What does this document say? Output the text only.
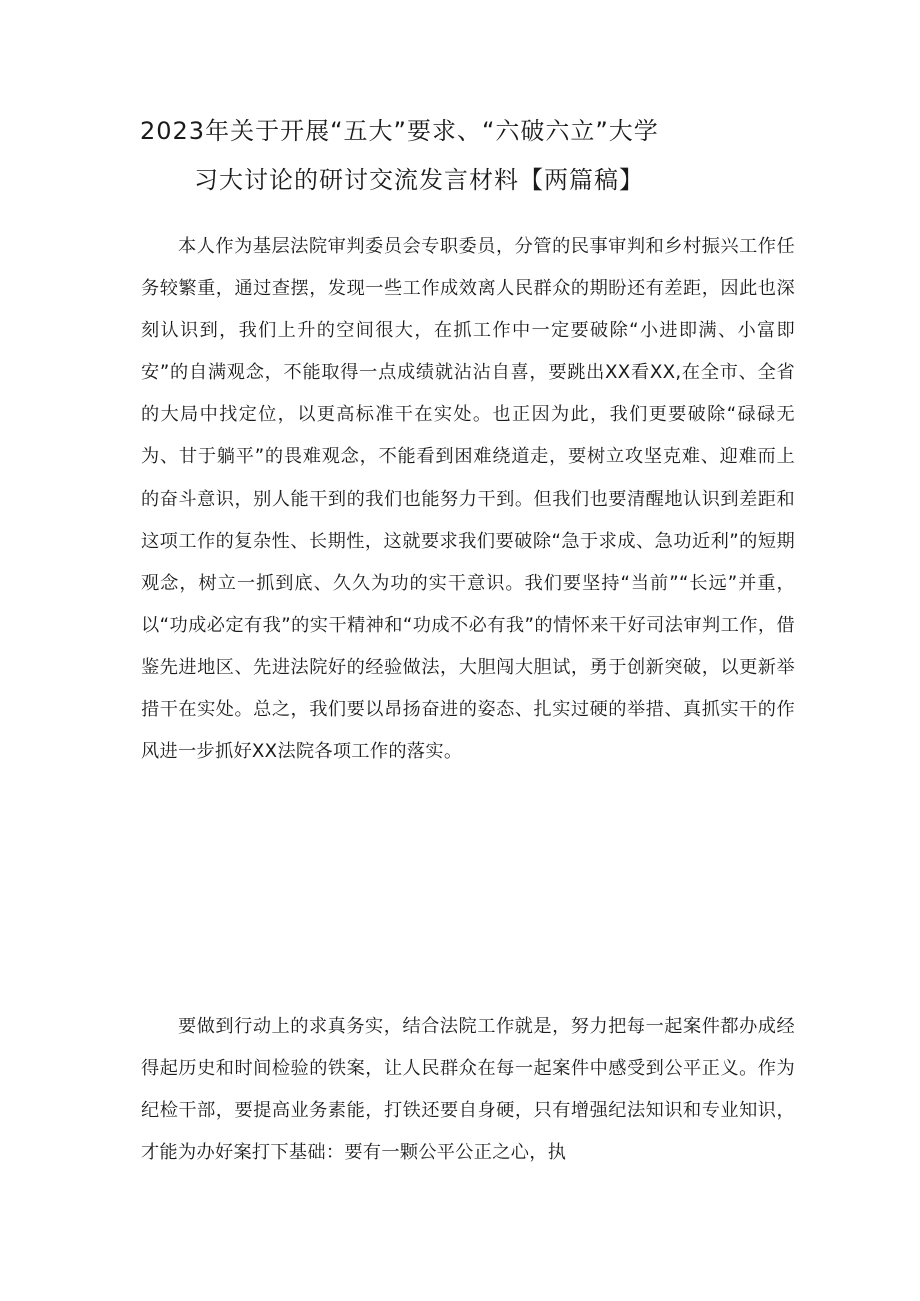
2023年关于开展“五大”要求、“六破六立”大学
习大讨论的研讨交流发言材料【两篇稿】

本人作为基层法院审判委员会专职委员，分管的民事审判和乡村振兴工作任务较繁重，通过查摆，发现一些工作成效离人民群众的期盼还有差距，因此也深刻认识到，我们上升的空间很大，在抓工作中一定要破除“小进即满、小富即安”的自满观念，不能取得一点成绩就沾沾自喜，要跳出XX看XX,在全市、全省的大局中找定位，以更高标准干在实处。也正因为此，我们更要破除“碌碌无为、甘于躺平”的畏难观念，不能看到困难绕道走，要树立攻坚克难、迎难而上的奋斗意识，别人能干到的我们也能努力干到。但我们也要清醒地认识到差距和这项工作的复杂性、长期性，这就要求我们要破除“急于求成、急功近利”的短期观念，树立一抓到底、久久为功的实干意识。我们要坚持“当前”“长远”并重，以“功成必定有我”的实干精神和“功成不必有我”的情怀来干好司法审判工作，借鉴先进地区、先进法院好的经验做法，大胆闯大胆试，勇于创新突破，以更新举措干在实处。总之，我们要以昂扬奋进的姿态、扎实过硬的举措、真抓实干的作风进一步抓好XX法院各项工作的落实。

要做到行动上的求真务实，结合法院工作就是，努力把每一起案件都办成经得起历史和时间检验的铁案，让人民群众在每一起案件中感受到公平正义。作为纪检干部，要提高业务素能，打铁还要自身硬，只有增强纪法知识和专业知识，才能为办好案打下基础：要有一颗公平公正之心，执
